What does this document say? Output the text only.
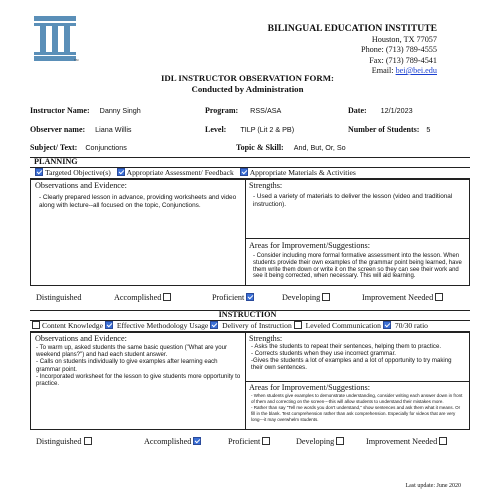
TM
BILINGUAL EDUCATION INSTITUTE
Houston, TX 77057
Phone: (713) 789-4555
Fax: (713) 789-4541
Email: bei@bei.edu
IDL INSTRUCTOR OBSERVATION FORM:
Conducted by Administration
Instructor Name: Danny Singh	Program: RSS/ASA	Date: 12/1/2023
Observer name: Liana Willis	Level: TILP (Lit 2 & PB)	Number of Students: 5
Subject/ Text: Conjunctions	Topic & Skill: And, But, Or, So
PLANNING
Targeted Objective(s) Appropriate Assessment/ Feedback Appropriate Materials & Activities
Observations and Evidence:
- Clearly prepared lesson in advance, providing worksheets and video along with lecture--all focused on the topic, Conjunctions.
Strengths:
- Used a variety of materials to deliver the lesson (video and traditional instruction).
Areas for Improvement/Suggestions:
- Consider including more formal formative assessment into the lesson. When students provide their own examples of the grammar point being learned, have them write them down or write it on the screen so they can see their work and see it being corrected, when necessary. This will aid learning.
Distinguished	Accomplished	Proficient	Developing	Improvement Needed
INSTRUCTION
Content Knowledge Effective Methodology Usage Delivery of Instruction Leveled Communication 70/30 ratio
Observations and Evidence:
- To warm up, asked students the same basic question ("What are your weekend plans?") and had each student answer.
- Calls on students individually to give examples after learning each grammar point.
- Incorporated worksheet for the lesson to give students more opportunity to practice.
Strengths:
- Asks the students to repeat their sentences, helping them to practice.
- Corrects students when they use incorrect grammar.
-Gives the students a lot of examples and a lot of opportunity to try making their own sentences.
Areas for Improvement/Suggestions:
- When students give examples to demonstrate understanding, consider writing each answer down in front of them and correcting on the screen---this will allow students to understand their mistakes more.
- Rather than say "Tell me words you don't understand," show sentences and ask them what it means. Or fill in the blank. Test comprehension rather than ask comprehension. Especially for videos that are very long---it may overwhelm students.
Distinguished	Accomplished	Proficient	Developing	Improvement Needed
Last update: June 2020
